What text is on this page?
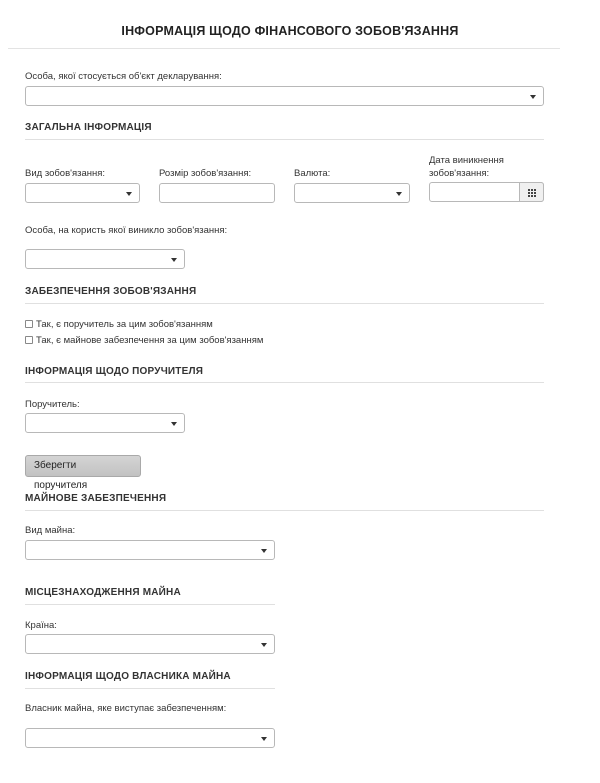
ІНФОРМАЦІЯ ЩОДО ФІНАНСОВОГО ЗОБОВ'ЯЗАННЯ
Особа, якої стосується об'єкт декларування:
ЗАГАЛЬНА ІНФОРМАЦІЯ
Вид зобов'язання:	Розмір зобов'язання:	Валюта:
Дата виникнення
зобов'язання:
Особа, на користь якої виникло зобов'язання:
ЗАБЕЗПЕЧЕННЯ ЗОБОВ'ЯЗАННЯ
Так, є поручитель за цим зобов'язанням
Так, є майнове забезпечення за цим зобов'язанням
ІНФОРМАЦІЯ ЩОДО ПОРУЧИТЕЛЯ
Поручитель:
Зберегти поручителя
МАЙНОВЕ ЗАБЕЗПЕЧЕННЯ
Вид майна:
МІСЦЕЗНАХОДЖЕННЯ МАЙНА
Країна:
ІНФОРМАЦІЯ ЩОДО ВЛАСНИКА МАЙНА
Власник майна, яке виступає забезпеченням:
